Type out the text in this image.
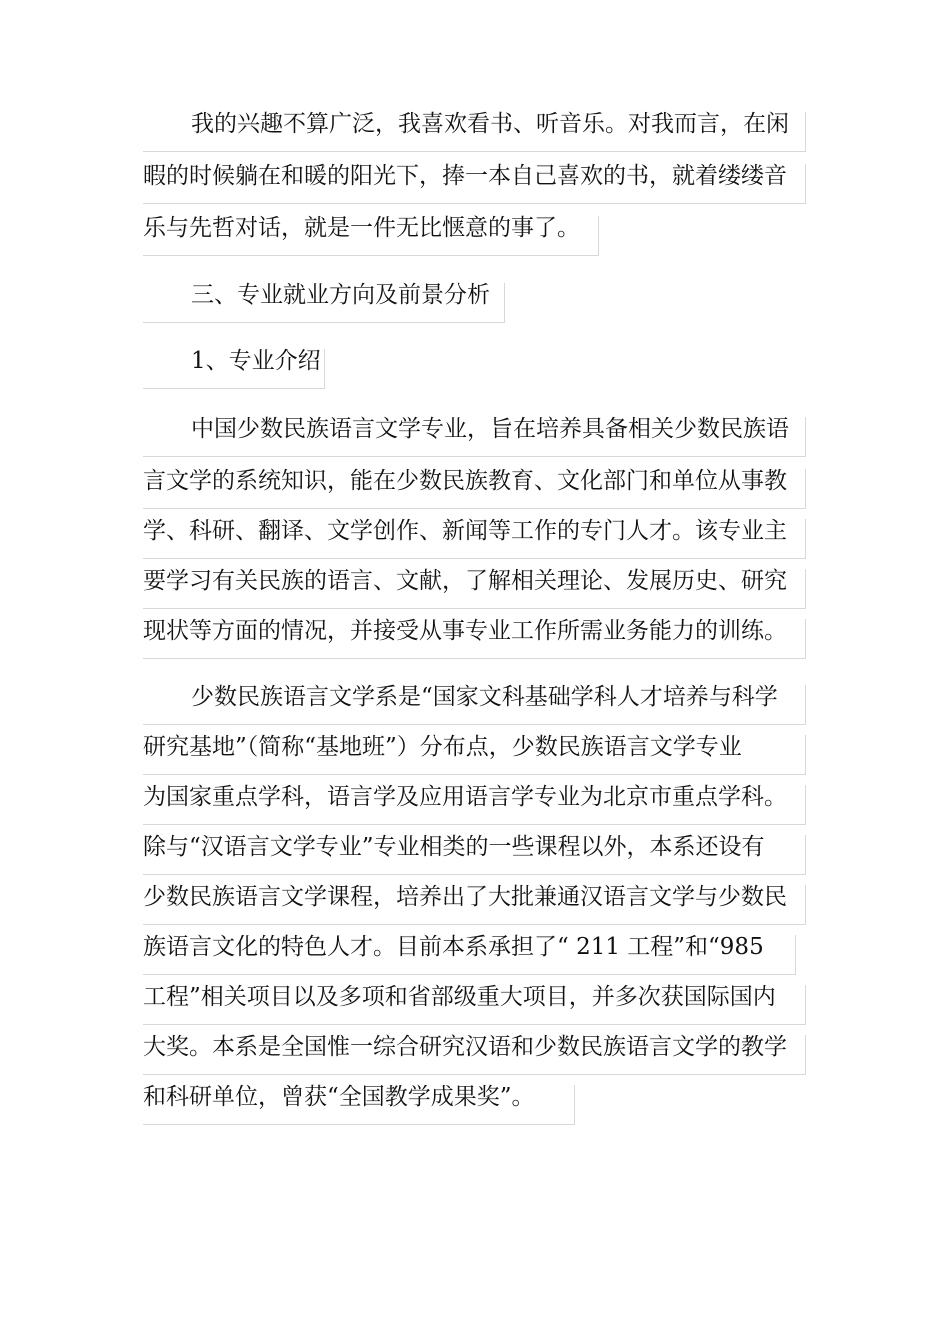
我的兴趣不算广泛，我喜欢看书、听音乐。对我而言，在闲
暇的时候躺在和暖的阳光下，捧一本自己喜欢的书，就着缕缕音
乐与先哲对话，就是一件无比惬意的事了。
三、专业就业方向及前景分析
1、专业介绍
中国少数民族语言文学专业，旨在培养具备相关少数民族语
言文学的系统知识，能在少数民族教育、文化部门和单位从事教
学、科研、翻译、文学创作、新闻等工作的专门人才。该专业主
要学习有关民族的语言、文献，了解相关理论、发展历史、研究
现状等方面的情况，并接受从事专业工作所需业务能力的训练。
少数民族语言文学系是“国家文科基础学科人才培养与科学
研究基地”（简称“基地班”）分布点，少数民族语言文学专业
为国家重点学科，语言学及应用语言学专业为北京市重点学科。
除与“汉语言文学专业”专业相类的一些课程以外，本系还设有
少数民族语言文学课程，培养出了大批兼通汉语言文学与少数民
族语言文化的特色人才。目前本系承担了“ 211 工程”和“985
工程”相关项目以及多项和省部级重大项目，并多次获国际国内
大奖。本系是全国惟一综合研究汉语和少数民族语言文学的教学
和科研单位，曾获“全国教学成果奖”。
